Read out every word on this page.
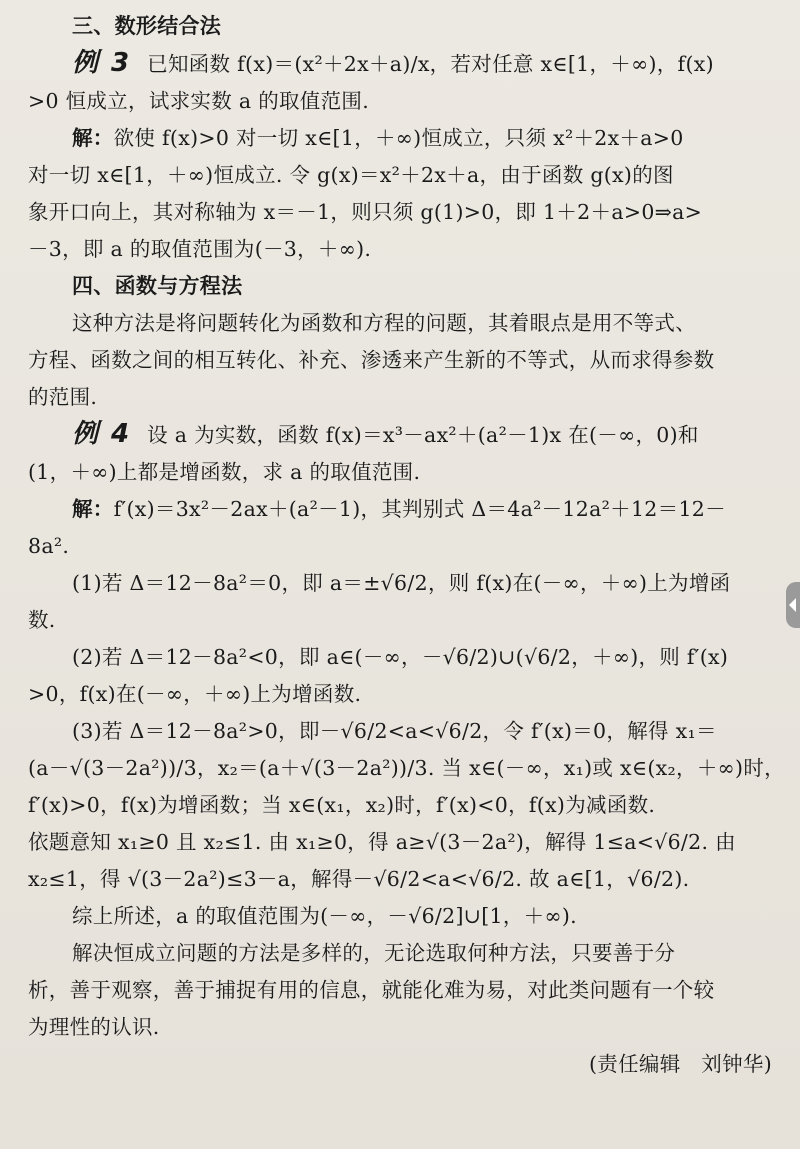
三、数形结合法
例 3 已知函数 f(x)＝(x²＋2x＋a)/x，若对任意 x∈[1，＋∞)，f(x)
>0 恒成立，试求实数 a 的取值范围.
解：欲使 f(x)>0 对一切 x∈[1，＋∞)恒成立，只须 x²＋2x＋a>0
对一切 x∈[1，＋∞)恒成立. 令 g(x)＝x²＋2x＋a，由于函数 g(x)的图
象开口向上，其对称轴为 x＝－1，则只须 g(1)>0，即 1＋2＋a>0⇒a>
－3，即 a 的取值范围为(－3，＋∞).
四、函数与方程法
这种方法是将问题转化为函数和方程的问题，其着眼点是用不等式、
方程、函数之间的相互转化、补充、渗透来产生新的不等式，从而求得参数
的范围.
例 4 设 a 为实数，函数 f(x)＝x³－ax²＋(a²－1)x 在(－∞，0)和
(1，＋∞)上都是增函数，求 a 的取值范围.
解：f′(x)＝3x²－2ax＋(a²－1)，其判别式 Δ＝4a²－12a²＋12＝12－
8a².
(1)若 Δ＝12－8a²＝0，即 a＝±√6/2，则 f(x)在(－∞，＋∞)上为增函
数.
(2)若 Δ＝12－8a²<0，即 a∈(－∞，－√6/2)∪(√6/2，＋∞)，则 f′(x)
>0，f(x)在(－∞，＋∞)上为增函数.
(3)若 Δ＝12－8a²>0，即－√6/2<a<√6/2，令 f′(x)＝0，解得 x₁＝
(a－√(3－2a²))/3，x₂＝(a＋√(3－2a²))/3. 当 x∈(－∞，x₁)或 x∈(x₂，＋∞)时，
f′(x)>0，f(x)为增函数；当 x∈(x₁，x₂)时，f′(x)<0，f(x)为减函数.
依题意知 x₁≥0 且 x₂≤1. 由 x₁≥0，得 a≥√(3－2a²)，解得 1≤a<√6/2. 由
x₂≤1，得 √(3－2a²)≤3－a，解得－√6/2<a<√6/2. 故 a∈[1，√6/2).
综上所述，a 的取值范围为(－∞，－√6/2]∪[1，＋∞).
解决恒成立问题的方法是多样的，无论选取何种方法，只要善于分
析，善于观察，善于捕捉有用的信息，就能化难为易，对此类问题有一个较
为理性的认识.
(责任编辑　刘钟华)
